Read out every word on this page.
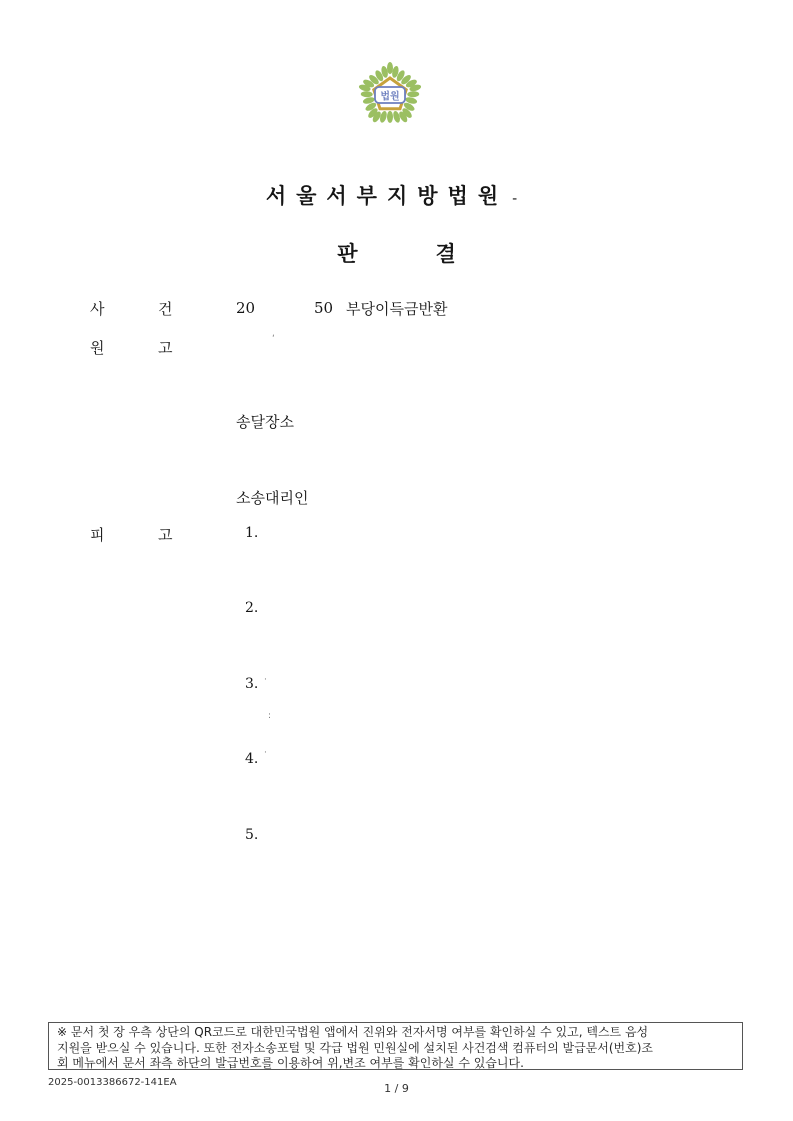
법원
서울서부지방법원 -
판	결
사	건	20	50 부당이득금반환
원	고	‘
송달장소
소송대리인
피	고	1.
2.
3. ·
:
4. ·
5.
※ 문서 첫 장 우측 상단의 QR코드로 대한민국법원 앱에서 진위와 전자서명 여부를 확인하실 수 있고, 텍스트 음성
지원을 받으실 수 있습니다. 또한 전자소송포털 및 각급 법원 민원실에 설치된 사건검색 컴퓨터의 발급문서(번호)조
회 메뉴에서 문서 좌측 하단의 발급번호를 이용하여 위,변조 여부를 확인하실 수 있습니다.
2025-0013386672-141EA	1 / 9
